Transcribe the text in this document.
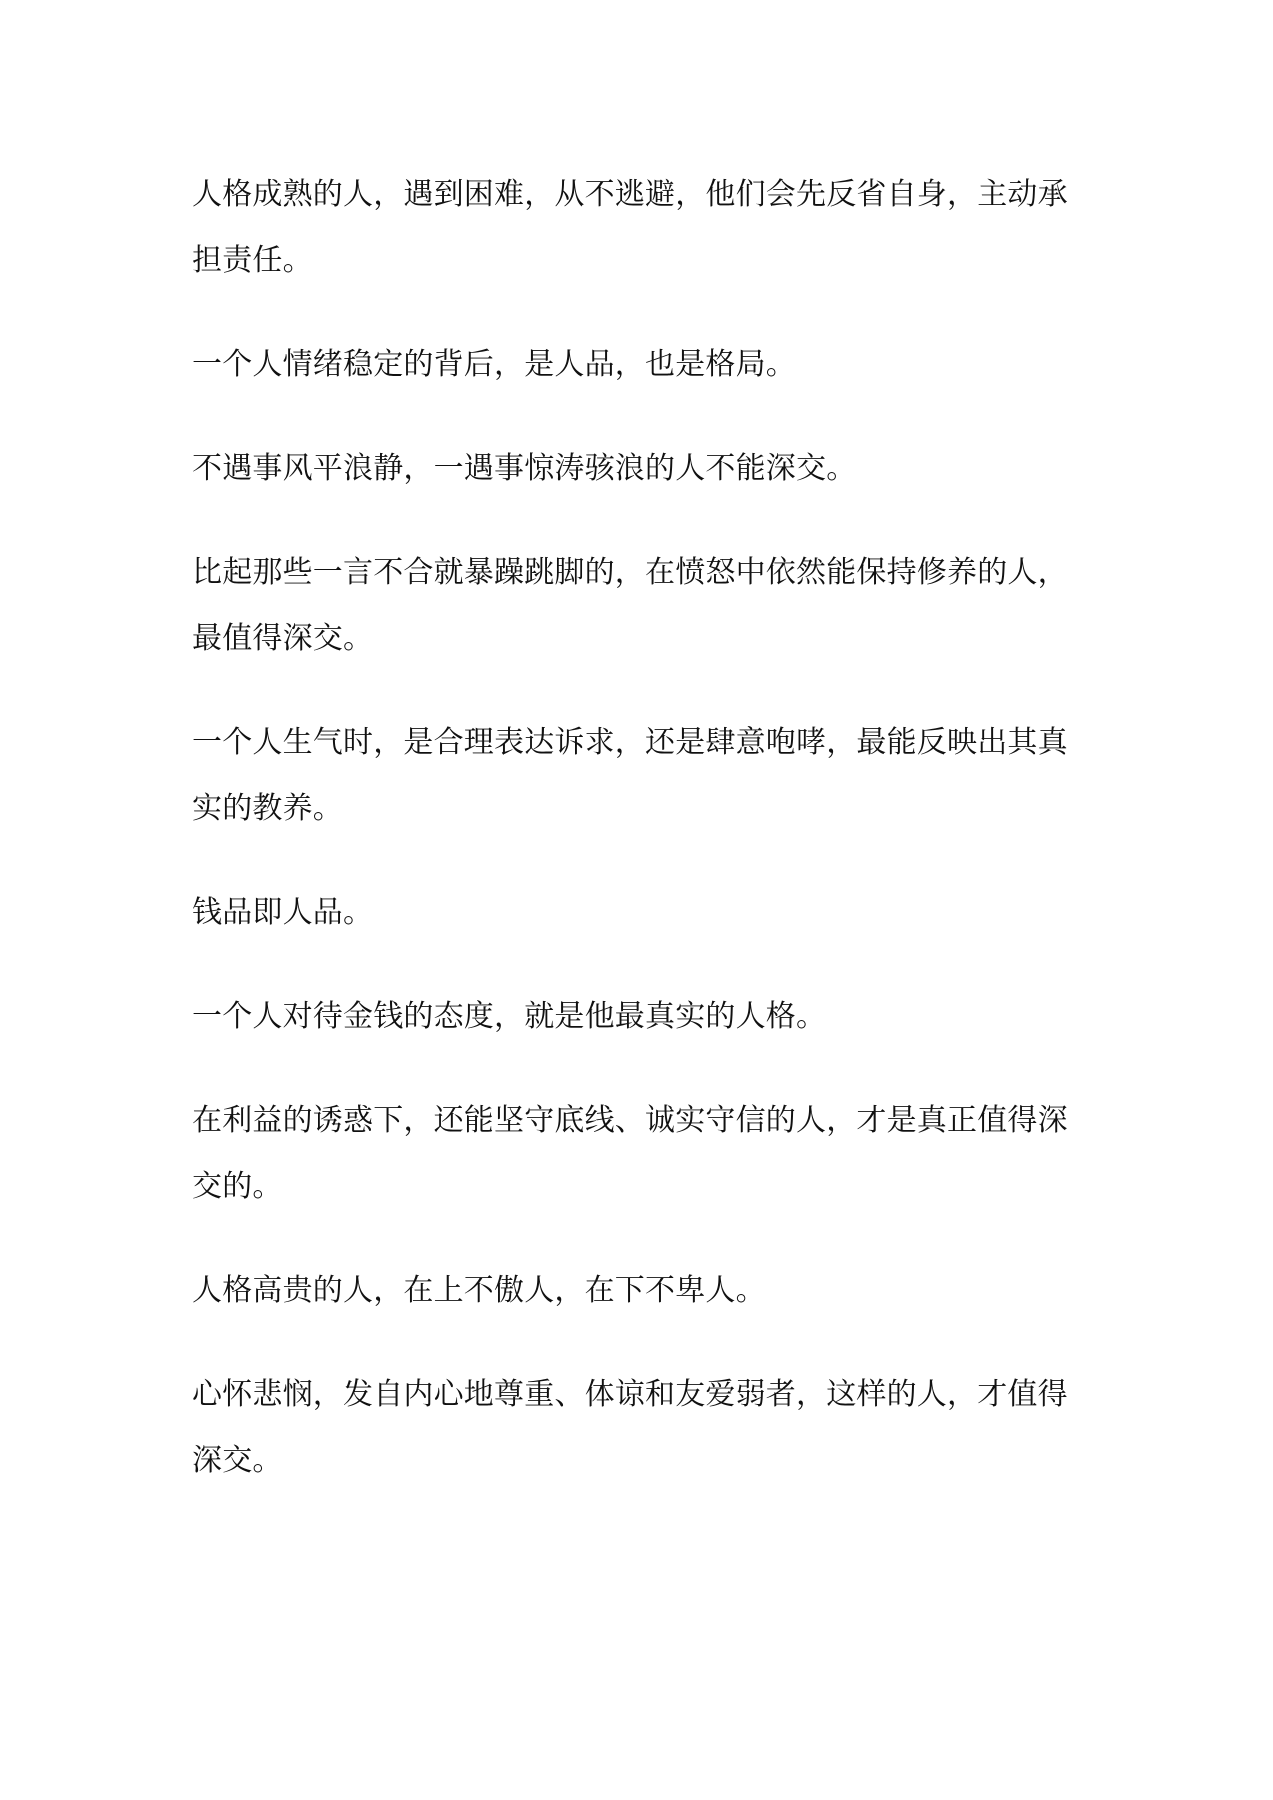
人格成熟的人，遇到困难，从不逃避，他们会先反省自身，主动承担责任。

一个人情绪稳定的背后，是人品，也是格局。

不遇事风平浪静，一遇事惊涛骇浪的人不能深交。

比起那些一言不合就暴躁跳脚的，在愤怒中依然能保持修养的人，最值得深交。

一个人生气时，是合理表达诉求，还是肆意咆哮，最能反映出其真实的教养。

钱品即人品。

一个人对待金钱的态度，就是他最真实的人格。

在利益的诱惑下，还能坚守底线、诚实守信的人，才是真正值得深交的。

人格高贵的人，在上不傲人，在下不卑人。

心怀悲悯，发自内心地尊重、体谅和友爱弱者，这样的人，才值得深交。
